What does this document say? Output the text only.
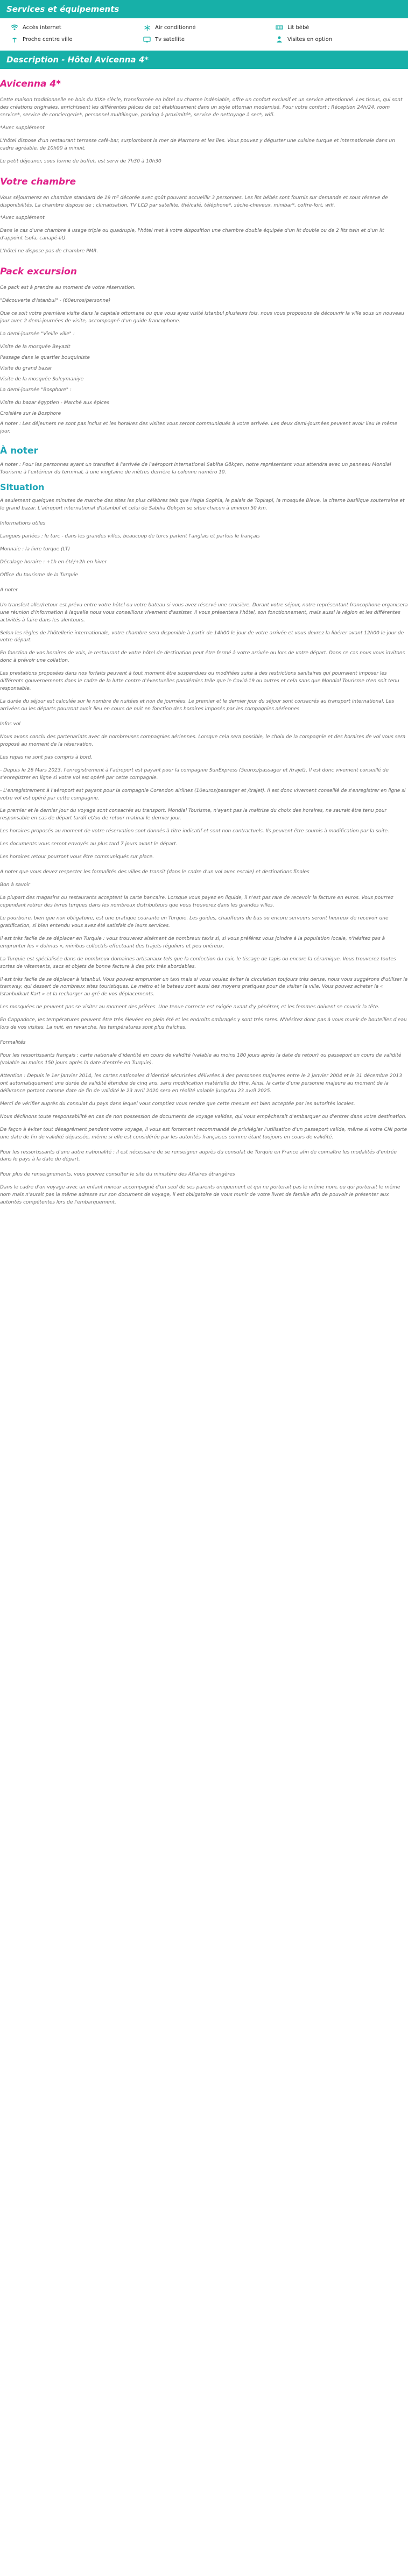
Services et équipements
Accès internet	Air conditionné	Lit bébé
Proche centre ville	Tv satellite	Visites en option
Description - Hôtel Avicenna 4*
Avicenna 4*

Cette maison traditionnelle en bois du XIXe siècle, transformée en hôtel au charme indéniable, offre un confort exclusif et un service attentionné. Les tissus, qui sont des créations originales, enrichissent les différentes pièces de cet établissement dans un style ottoman modernisé. Pour votre confort : Réception 24h/24, room service*, service de conciergerie*, personnel multilingue, parking à proximité*, service de nettoyage à sec*, wifi.

*Avec supplément

L'hôtel dispose d'un restaurant terrasse café-bar, surplombant la mer de Marmara et les îles. Vous pouvez y déguster une cuisine turque et internationale dans un cadre agréable, de 10h00 à minuit.

Le petit déjeuner, sous forme de buffet, est servi de 7h30 à 10h30

Votre chambre

Vous séjournerez en chambre standard de 19 m² décorée avec goût pouvant accueillir 3 personnes. Les lits bébés sont fournis sur demande et sous réserve de disponibilités. La chambre dispose de : climatisation, TV LCD par satellite, thé/café, téléphone*, sèche-cheveux, minibar*, coffre-fort, wifi.

*Avec supplément

Dans le cas d'une chambre à usage triple ou quadruple, l'hôtel met à votre disposition une chambre double équipée d'un lit double ou de 2 lits twin et d'un lit d'appoint (sofa, canapé-lit).

L'hôtel ne dispose pas de chambre PMR.

Pack excursion

Ce pack est à prendre au moment de votre réservation.

"Découverte d'Istanbul" - (60euros/personne)

Que ce soit votre première visite dans la capitale ottomane ou que vous ayez visité Istanbul plusieurs fois, nous vous proposons de découvrir la ville sous un nouveau jour avec 2 demi-journées de visite, accompagné d'un guide francophone.

La demi-journée "Vieille ville" :

Visite de la mosquée Beyazit

Passage dans le quartier bouquiniste

Visite du grand bazar

Visite de la mosquée Suleymaniye

La demi-journée "Bosphore" :

Visite du bazar égyptien - Marché aux épices

Croisière sur le Bosphore

A noter : Les déjeuners ne sont pas inclus et les horaires des visites vous seront communiqués à votre arrivée. Les deux demi-journées peuvent avoir lieu le même jour.

À noter

A noter : Pour les personnes ayant un transfert à l'arrivée de l'aéroport international Sabiha Gökçen, notre représentant vous attendra avec un panneau Mondial Tourisme à l'extérieur du terminal, à une vingtaine de mètres derrière la colonne numéro 10.

Situation

A seulement quelques minutes de marche des sites les plus célèbres tels que Hagia Sophia, le palais de Topkapi, la mosquée Bleue, la citerne basilique souterraine et le grand bazar. L'aéroport international d'Istanbul et celui de Sabiha Gökçen se situe chacun à environ 50 km.

Informations utiles

Langues parlées : le turc - dans les grandes villes, beaucoup de turcs parlent l'anglais et parfois le français

Monnaie : la livre turque (LT)

Décalage horaire : +1h en été/+2h en hiver

Office du tourisme de la Turquie

A noter

Un transfert aller/retour est prévu entre votre hôtel ou votre bateau si vous avez réservé une croisière. Durant votre séjour, notre représentant francophone organisera une réunion d'information à laquelle nous vous conseillons vivement d'assister. Il vous présentera l'hôtel, son fonctionnement, mais aussi la région et les différentes activités à faire dans les alentours.

Selon les règles de l'hôtellerie internationale, votre chambre sera disponible à partir de 14h00 le jour de votre arrivée et vous devrez la libérer avant 12h00 le jour de votre départ.

En fonction de vos horaires de vols, le restaurant de votre hôtel de destination peut être fermé à votre arrivée ou lors de votre départ. Dans ce cas nous vous invitons donc à prévoir une collation.

Les prestations proposées dans nos forfaits peuvent à tout moment être suspendues ou modifiées suite à des restrictions sanitaires qui pourraient imposer les différents gouvernements dans le cadre de la lutte contre d'éventuelles pandémies telle que le Covid-19 ou autres et cela sans que Mondial Tourisme n'en soit tenu responsable.

La durée du séjour est calculée sur le nombre de nuitées et non de journées. Le premier et le dernier jour du séjour sont consacrés au transport international. Les arrivées ou les départs pourront avoir lieu en cours de nuit en fonction des horaires imposés par les compagnies aériennes

Infos vol

Nous avons conclu des partenariats avec de nombreuses compagnies aériennes. Lorsque cela sera possible, le choix de la compagnie et des horaires de vol vous sera proposé au moment de la réservation.

Les repas ne sont pas compris à bord.

- Depuis le 26 Mars 2023, l'enregistrement à l'aéroport est payant pour la compagnie SunExpress (5euros/passager et /trajet). Il est donc vivement conseillé de s'enregistrer en ligne si votre vol est opéré par cette compagnie.

- L'enregistrement à l'aéroport est payant pour la compagnie Corendon airlines (10euros/passager et /trajet). Il est donc vivement conseillé de s'enregistrer en ligne si votre vol est opéré par cette compagnie.

Le premier et le dernier jour du voyage sont consacrés au transport. Mondial Tourisme, n'ayant pas la maîtrise du choix des horaires, ne saurait être tenu pour responsable en cas de départ tardif et/ou de retour matinal le dernier jour.

Les horaires proposés au moment de votre réservation sont donnés à titre indicatif et sont non contractuels. Ils peuvent être soumis à modification par la suite.

Les documents vous seront envoyés au plus tard 7 jours avant le départ.

Les horaires retour pourront vous être communiqués sur place.

A noter que vous devez respecter les formalités des villes de transit (dans le cadre d'un vol avec escale) et destinations finales

Bon à savoir

La plupart des magasins ou restaurants acceptent la carte bancaire. Lorsque vous payez en liquide, il n'est pas rare de recevoir la facture en euros. Vous pourrez cependant retirer des livres turques dans les nombreux distributeurs que vous trouverez dans les grandes villes.

Le pourboire, bien que non obligatoire, est une pratique courante en Turquie. Les guides, chauffeurs de bus ou encore serveurs seront heureux de recevoir une gratification, si bien entendu vous avez été satisfait de leurs services.

Il est très facile de se déplacer en Turquie : vous trouverez aisément de nombreux taxis si, si vous préférez vous joindre à la population locale, n'hésitez pas à emprunter les « dolmus », minibus collectifs effectuant des trajets réguliers et peu onéreux.

La Turquie est spécialisée dans de nombreux domaines artisanaux tels que la confection du cuir, le tissage de tapis ou encore la céramique. Vous trouverez toutes sortes de vêtements, sacs et objets de bonne facture à des prix très abordables.

Il est très facile de se déplacer à Istanbul. Vous pouvez emprunter un taxi mais si vous voulez éviter la circulation toujours très dense, nous vous suggérons d'utiliser le tramway, qui dessert de nombreux sites touristiques. Le métro et le bateau sont aussi des moyens pratiques pour de visiter la ville. Vous pouvez acheter la « Istanbulkart Kart » et la recharger au gré de vos déplacements.

Les mosquées ne peuvent pas se visiter au moment des prières. Une tenue correcte est exigée avant d'y pénétrer, et les femmes doivent se couvrir la tête.

En Cappadoce, les températures peuvent être très élevées en plein été et les endroits ombragés y sont très rares. N'hésitez donc pas à vous munir de bouteilles d'eau lors de vos visites. La nuit, en revanche, les températures sont plus fraîches.

Formalités

Pour les ressortissants français : carte nationale d'identité en cours de validité (valable au moins 180 jours après la date de retour) ou passeport en cours de validité (valable au moins 150 jours après la date d'entrée en Turquie).

Attention : Depuis le 1er janvier 2014, les cartes nationales d'identité sécurisées délivrées à des personnes majeures entre le 2 janvier 2004 et le 31 décembre 2013 ont automatiquement une durée de validité étendue de cinq ans, sans modification matérielle du titre. Ainsi, la carte d'une personne majeure au moment de la délivrance portant comme date de fin de validité le 23 avril 2020 sera en réalité valable jusqu'au 23 avril 2025.

Merci de vérifier auprès du consulat du pays dans lequel vous comptiez vous rendre que cette mesure est bien acceptée par les autorités locales.

Nous déclinons toute responsabilité en cas de non possession de documents de voyage valides, qui vous empêcherait d'embarquer ou d'entrer dans votre destination.

De façon à éviter tout désagrément pendant votre voyage, il vous est fortement recommandé de privilégier l'utilisation d'un passeport valide, même si votre CNI porte une date de fin de validité dépassée, même si elle est considérée par les autorités françaises comme étant toujours en cours de validité.

Pour les ressortissants d'une autre nationalité : il est nécessaire de se renseigner auprès du consulat de Turquie en France afin de connaître les modalités d'entrée dans le pays à la date du départ.

Pour plus de renseignements, vous pouvez consulter le site du ministère des Affaires étrangères

Dans le cadre d'un voyage avec un enfant mineur accompagné d'un seul de ses parents uniquement et qui ne porterait pas le même nom, ou qui porterait le même nom mais n'aurait pas la même adresse sur son document de voyage, il est obligatoire de vous munir de votre livret de famille afin de pouvoir le présenter aux autorités compétentes lors de l'embarquement.
